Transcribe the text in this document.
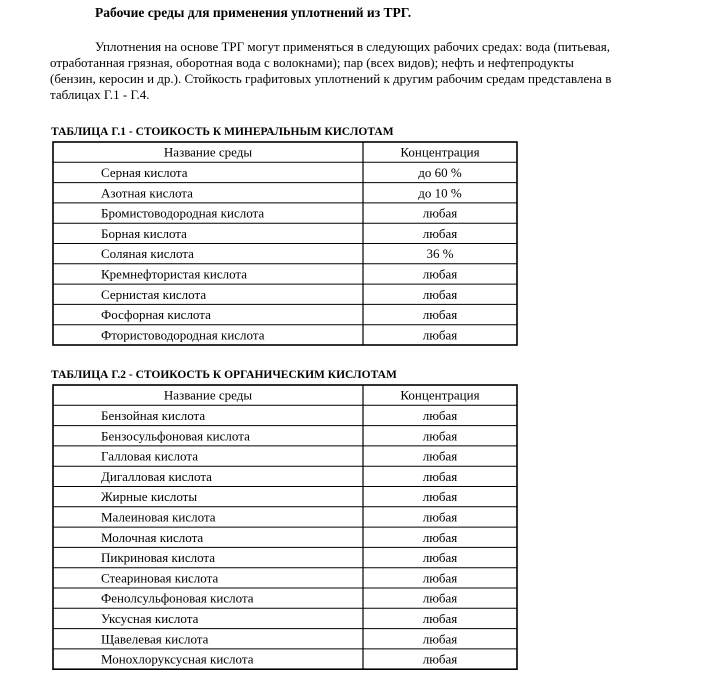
Рабочие среды для применения уплотнений из ТРГ.
Уплотнения на основе ТРГ могут применяться в следующих рабочих средах: вода (питьевая,
отработанная грязная, оборотная вода с волокнами); пар (всех видов); нефть и нефтепродукты
(бензин, керосин и др.). Стойкость графитовых уплотнений к другим рабочим средам представлена в
таблицах Г.1 - Г.4.
ТАБЛИЦА Г.1 - СТОИКОСТЬ К МИНЕРАЛЬНЫМ КИСЛОТАМ
Название среды	Концентрация
Серная кислота	до 60 %
Азотная кислота	до 10 %
Бромистоводородная кислота	любая
Борная кислота	любая
Соляная кислота	36 %
Кремнефтористая кислота	любая
Сернистая кислота	любая
Фосфорная кислота	любая
Фтористоводородная кислота	любая
ТАБЛИЦА Г.2 - СТОИКОСТЬ К ОРГАНИЧЕСКИМ КИСЛОТАМ
Название среды	Концентрация
Бензойная кислота	любая
Бензосульфоновая кислота	любая
Галловая кислота	любая
Дигалловая кислота	любая
Жирные кислоты	любая
Малеиновая кислота	любая
Молочная кислота	любая
Пикриновая кислота	любая
Стеариновая кислота	любая
Фенолсульфоновая кислота	любая
Уксусная кислота	любая
Щавелевая кислота	любая
Монохлоруксусная кислота	любая
